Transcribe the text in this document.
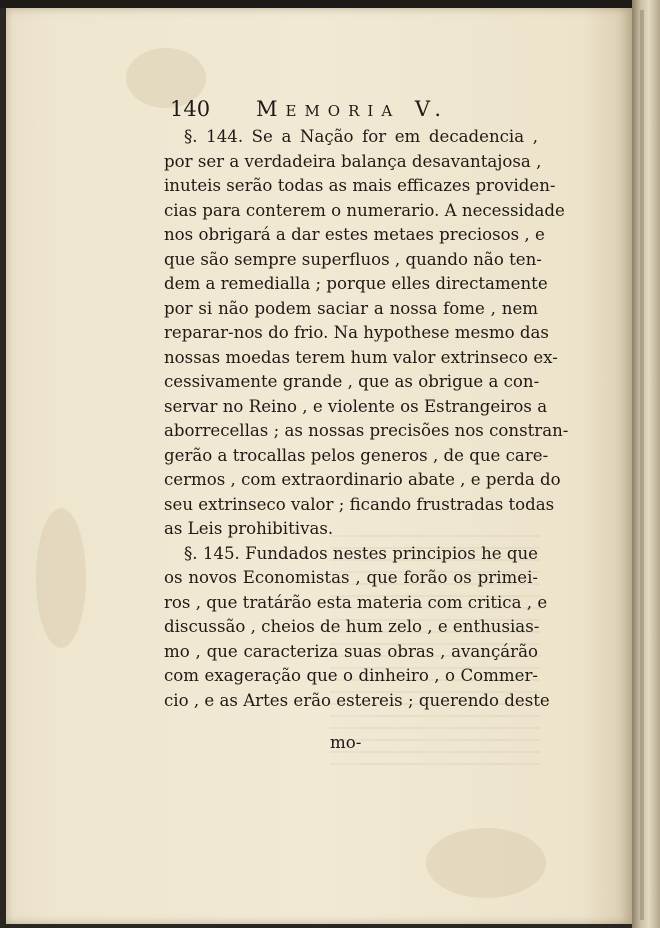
140 Memoria V.
§. 144. Se a Nação for em decadencia ,
por ser a verdadeira balança desavantajosa ,
inuteis serão todas as mais efficazes providen-
cias para conterem o numerario. A necessidade
nos obrigará a dar estes metaes preciosos , e
que são sempre superfluos , quando não ten-
dem a remedialla ; porque elles directamente
por si não podem saciar a nossa fome , nem
reparar-nos do frio. Na hypothese mesmo das
nossas moedas terem hum valor extrinseco ex-
cessivamente grande , que as obrigue a con-
servar no Reino , e violente os Estrangeiros a
aborrecellas ; as nossas precisões nos constran-
gerão a trocallas pelos generos , de que care-
cermos , com extraordinario abate , e perda do
seu extrinseco valor ; ficando frustradas todas
as Leis prohibitivas.
§. 145. Fundados nestes principios he que
os novos Economistas , que forão os primei-
ros , que tratárão esta materia com critica , e
discussão , cheios de hum zelo , e enthusias-
mo , que caracteriza suas obras , avançárão
com exageração que o dinheiro , o Commer-
cio , e as Artes erão estereis ; querendo deste
mo-
